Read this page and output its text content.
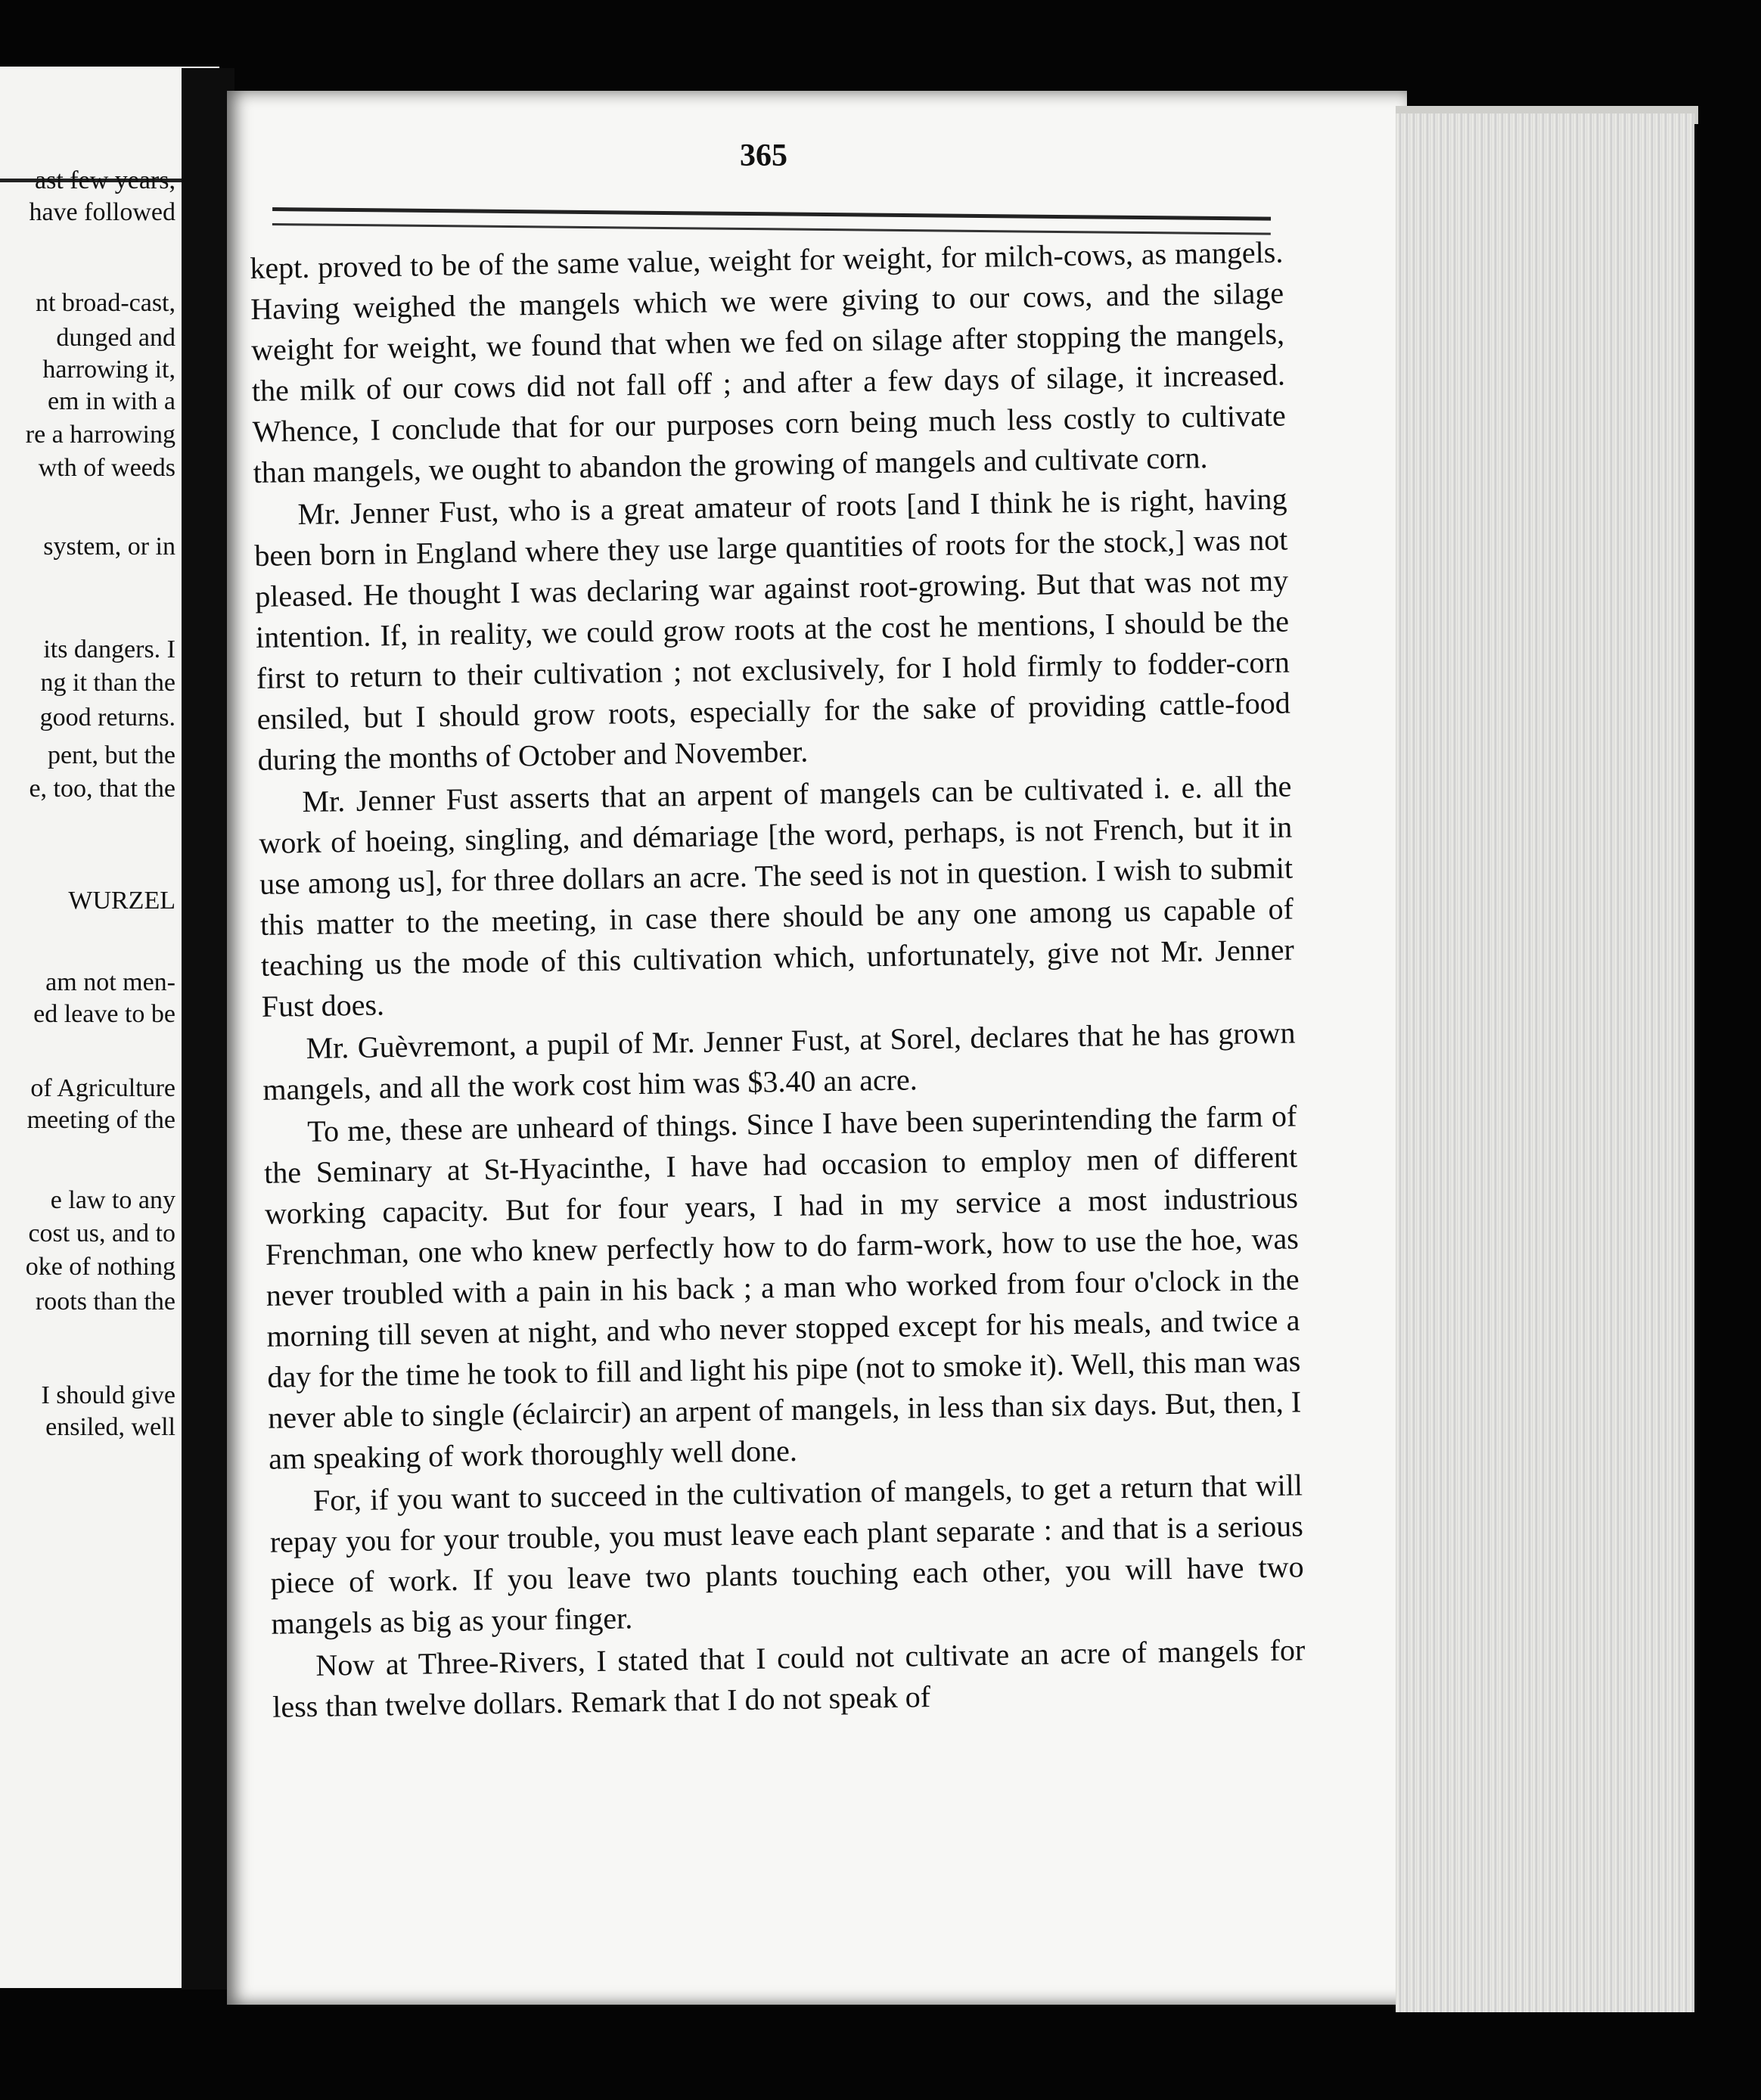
ast few years,
have followed
nt broad-cast,
dunged and
harrowing it,
em in with a
re a harrowing
wth of weeds
system, or in
its dangers. I
ng it than the
good returns.
pent, but the
e, too, that the
WURZEL
am not men-
ed leave to be
of Agriculture
meeting of the
e law to any
cost us, and to
oke of nothing
roots than the
I should give
ensiled, well
365

kept. proved to be of the same value, weight for weight, for milch-cows, as mangels. Having weighed the mangels which we were giving to our cows, and the silage weight for weight, we found that when we fed on silage after stopping the mangels, the milk of our cows did not fall off ; and after a few days of silage, it increased. Whence, I conclude that for our purposes corn being much less costly to cultivate than mangels, we ought to abandon the growing of mangels and cultivate corn.

Mr. Jenner Fust, who is a great amateur of roots [and I think he is right, having been born in England where they use large quantities of roots for the stock,] was not pleased. He thought I was declaring war against root-growing. But that was not my intention. If, in reality, we could grow roots at the cost he mentions, I should be the first to return to their cultivation ; not exclusively, for I hold firmly to fodder-corn ensiled, but I should grow roots, especially for the sake of providing cattle-food during the months of October and November.

Mr. Jenner Fust asserts that an arpent of mangels can be cultivated i. e. all the work of hoeing, singling, and démariage [the word, perhaps, is not French, but it in use among us], for three dollars an acre. The seed is not in question. I wish to submit this matter to the meeting, in case there should be any one among us capable of teaching us the mode of this cultivation which, unfortunately, give not Mr. Jenner Fust does.

Mr. Guèvremont, a pupil of Mr. Jenner Fust, at Sorel, declares that he has grown mangels, and all the work cost him was $3.40 an acre.

To me, these are unheard of things. Since I have been superintending the farm of the Seminary at St-Hyacinthe, I have had occasion to employ men of different working capacity. But for four years, I had in my service a most industrious Frenchman, one who knew perfectly how to do farm-work, how to use the hoe, was never troubled with a pain in his back ; a man who worked from four o'clock in the morning till seven at night, and who never stopped except for his meals, and twice a day for the time he took to fill and light his pipe (not to smoke it). Well, this man was never able to single (éclaircir) an arpent of mangels, in less than six days. But, then, I am speaking of work thoroughly well done.

For, if you want to succeed in the cultivation of mangels, to get a return that will repay you for your trouble, you must leave each plant separate : and that is a serious piece of work. If you leave two plants touching each other, you will have two mangels as big as your finger.

Now at Three-Rivers, I stated that I could not cultivate an acre of mangels for less than twelve dollars. Remark that I do not speak of
